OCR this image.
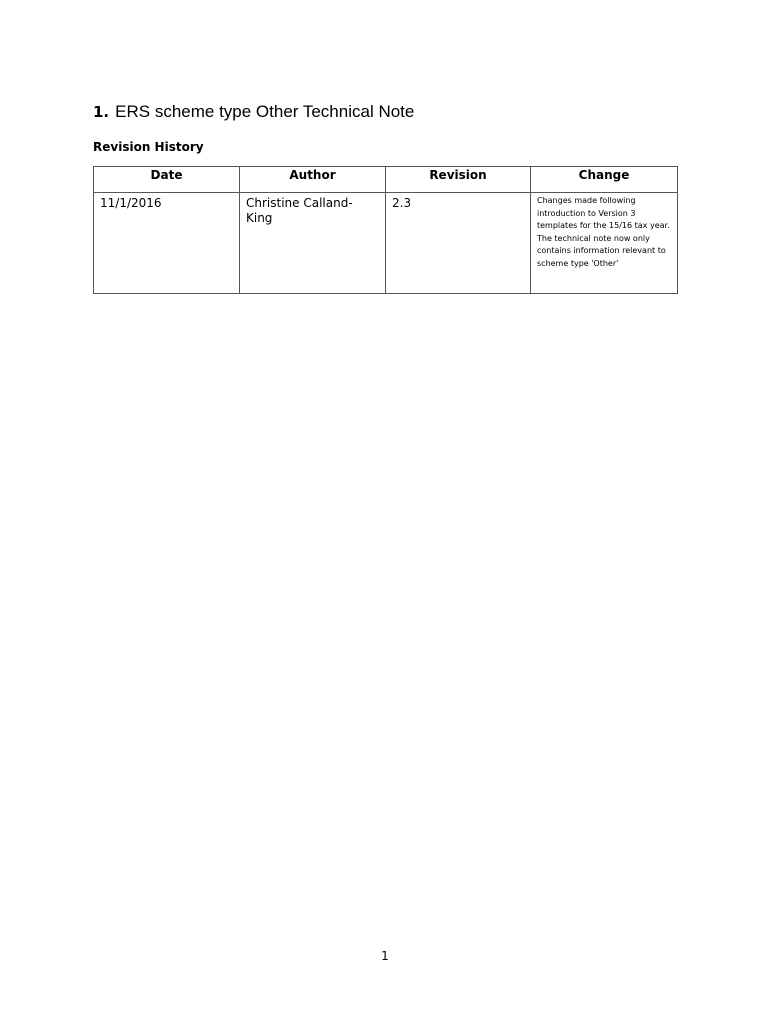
1. ERS scheme type Other Technical Note
Revision History
Date	Author	Revision	Change
11/1/2016	Christine Calland-King	2.3	Changes made following introduction to Version 3 templates for the 15/16 tax year. The technical note now only contains information relevant to scheme type 'Other'
1
